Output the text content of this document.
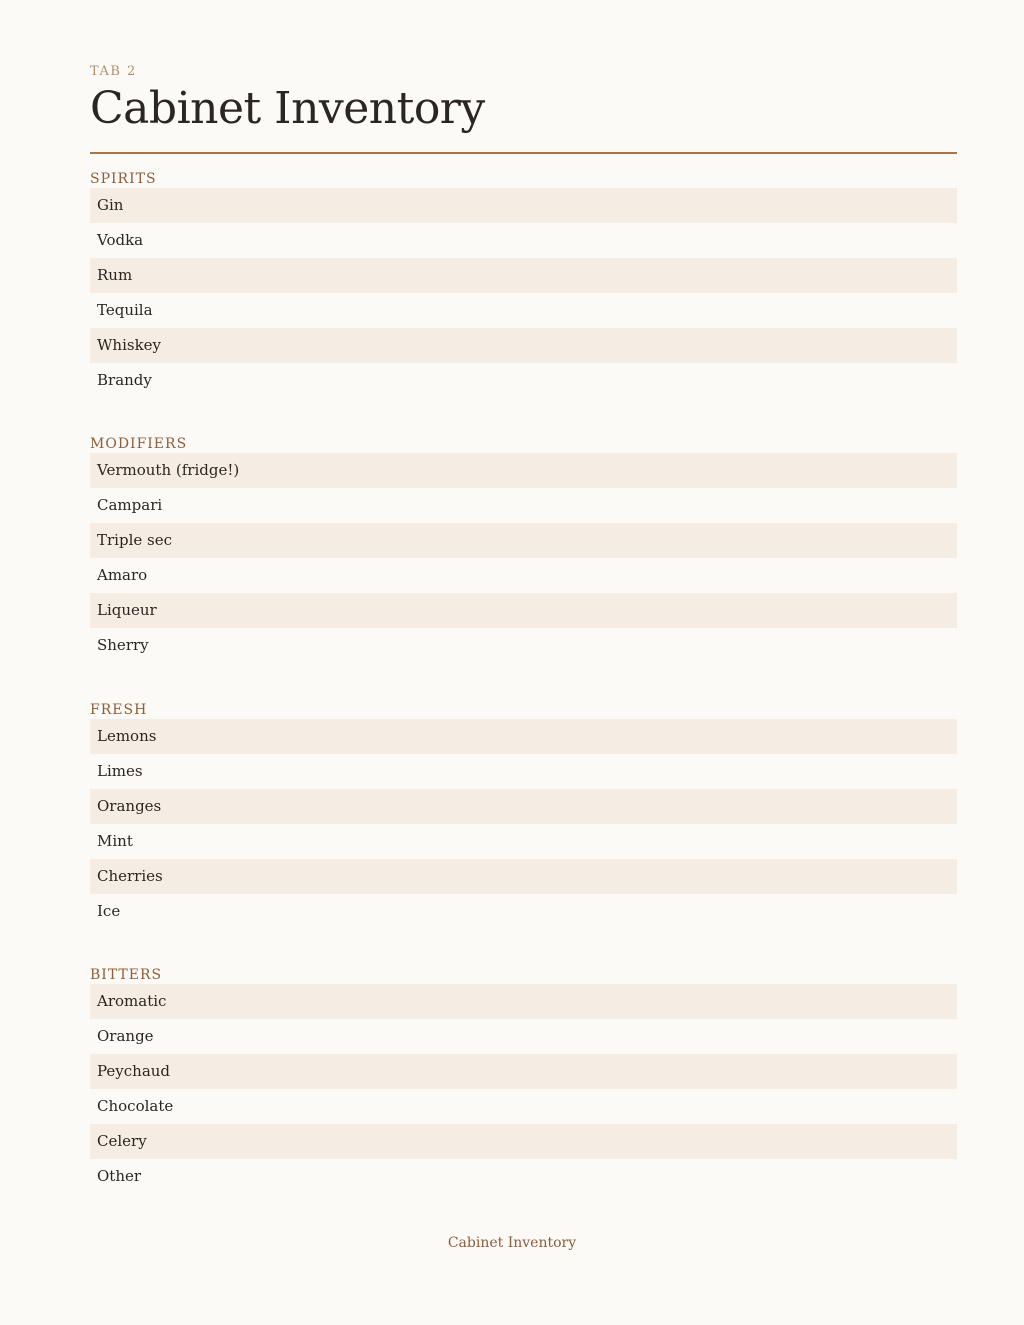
TAB 2
Cabinet Inventory
SPIRITS
Gin
Vodka
Rum
Tequila
Whiskey
Brandy
MODIFIERS
Vermouth (fridge!)
Campari
Triple sec
Amaro
Liqueur
Sherry
FRESH
Lemons
Limes
Oranges
Mint
Cherries
Ice
BITTERS
Aromatic
Orange
Peychaud
Chocolate
Celery
Other
Cabinet Inventory
